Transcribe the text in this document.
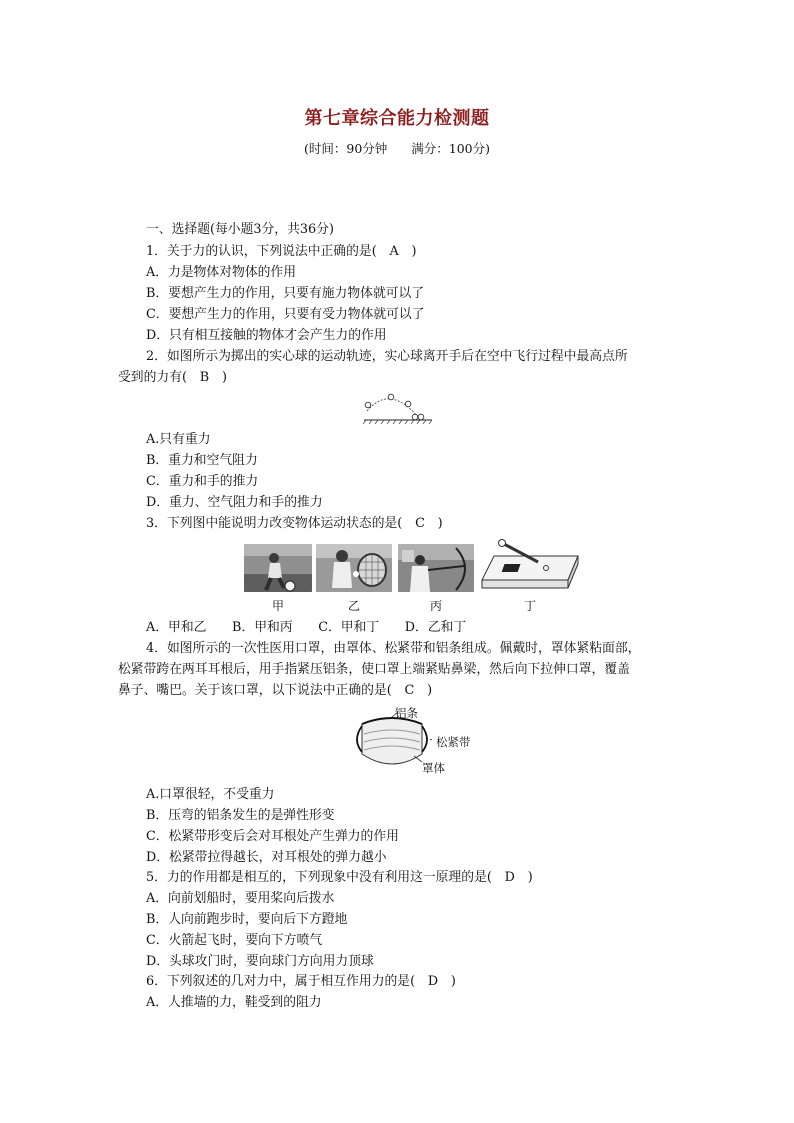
第七章综合能力检测题
(时间：90分钟 满分：100分)
一、选择题(每小题3分，共36分)
1．关于力的认识，下列说法中正确的是(　A　)
A．力是物体对物体的作用
B．要想产生力的作用，只要有施力物体就可以了
C．要想产生力的作用，只要有受力物体就可以了
D．只有相互接触的物体才会产生力的作用
2．如图所示为掷出的实心球的运动轨迹，实心球离开手后在空中飞行过程中最高点所
受到的力有(　B　)
A.只有重力
B．重力和空气阻力
C．重力和手的推力
D．重力、空气阻力和手的推力
3．下列图中能说明力改变物体运动状态的是(　C　)
甲	乙	丙	丁
A．甲和乙　　B．甲和丙　　C．甲和丁　　D．乙和丁
4．如图所示的一次性医用口罩，由罩体、松紧带和铝条组成。佩戴时，罩体紧粘面部，
松紧带跨在两耳耳根后，用手指紧压铝条，使口罩上端紧贴鼻梁，然后向下拉伸口罩，覆盖
鼻子、嘴巴。关于该口罩，以下说法中正确的是(　C　)
铝条
松紧带
罩体
A.口罩很轻，不受重力
B．压弯的铝条发生的是弹性形变
C．松紧带形变后会对耳根处产生弹力的作用
D．松紧带拉得越长，对耳根处的弹力越小
5．力的作用都是相互的，下列现象中没有利用这一原理的是(　D　)
A．向前划船时，要用桨向后拨水
B．人向前跑步时，要向后下方蹬地
C．火箭起飞时，要向下方喷气
D．头球攻门时，要向球门方向用力顶球
6．下列叙述的几对力中，属于相互作用力的是(　D　)
A．人推墙的力，鞋受到的阻力
